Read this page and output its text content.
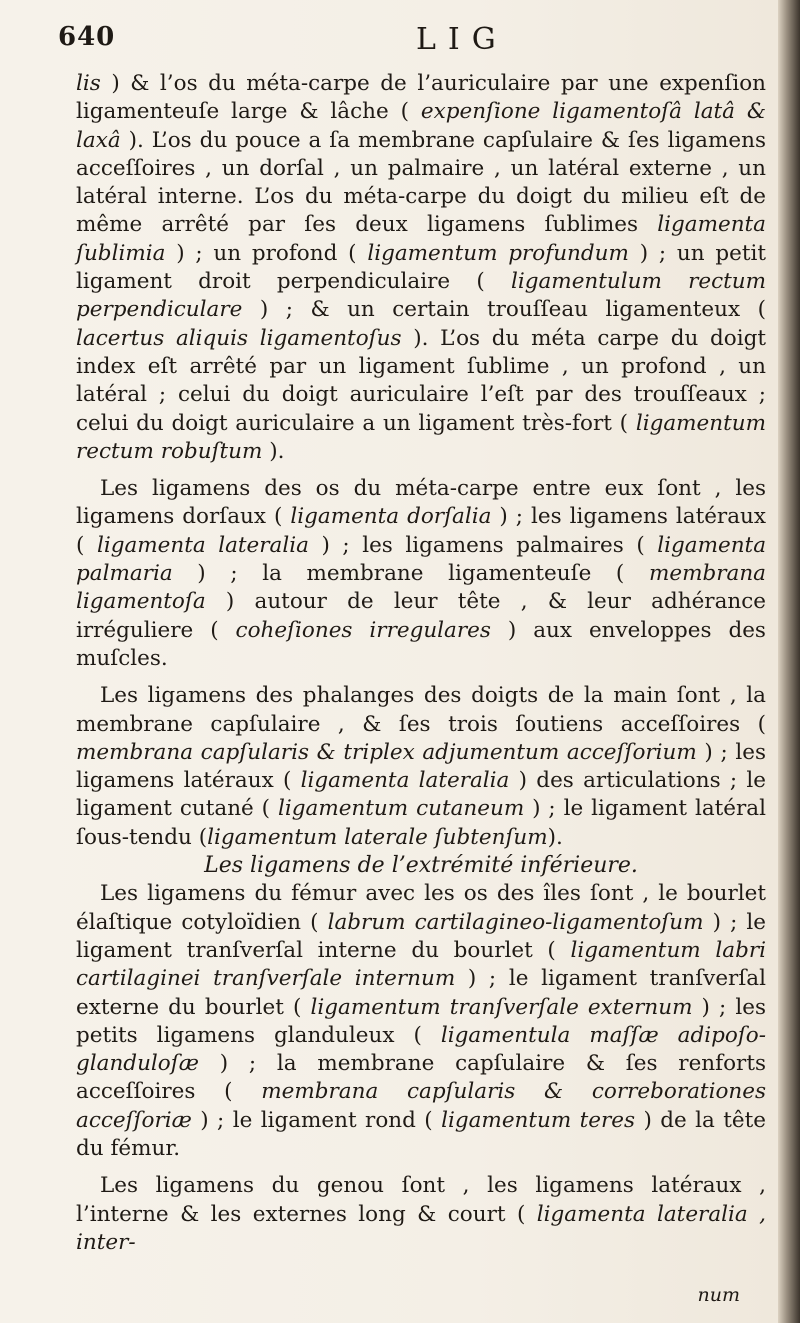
640	LIG

lis ) & l’os du méta-carpe de l’auriculaire par une expenſion ligamenteuſe large & lâche ( expenſione ligamentoſâ latâ & laxâ ). L’os du pouce a ſa membrane capſulaire & ſes ligamens acceſſoires , un dorſal , un palmaire , un latéral externe , un latéral interne. L’os du méta-carpe du doigt du milieu eſt de même arrêté par ſes deux ligamens ſublimes ligamenta ſublimia ) ; un profond ( ligamentum profundum ) ; un petit ligament droit perpendiculaire ( ligamentulum rectum perpendiculare ) ; & un certain trouſſeau ligamenteux ( lacertus aliquis ligamentoſus ). L’os du méta carpe du doigt index eſt arrêté par un ligament ſublime , un profond , un latéral ; celui du doigt auriculaire l’eſt par des trouſſeaux ; celui du doigt auriculaire a un ligament très-fort ( ligamentum rectum robuſtum ).

Les ligamens des os du méta-carpe entre eux ſont , les ligamens dorſaux ( ligamenta dorſalia ) ; les ligamens latéraux ( ligamenta lateralia ) ; les ligamens palmaires ( ligamenta palmaria ) ; la membrane ligamenteuſe ( membrana ligamentoſa ) autour de leur tête , & leur adhérance irréguliere ( coheſiones irregulares ) aux enveloppes des muſcles.

Les ligamens des phalanges des doigts de la main ſont , la membrane capſulaire , & ſes trois ſoutiens acceſſoires ( membrana capſularis & triplex adjumentum acceſſorium ) ; les ligamens latéraux ( ligamenta lateralia ) des articulations ; le ligament cutané ( ligamentum cutaneum ) ; le ligament latéral ſous-tendu (ligamentum laterale ſubtenſum).

Les ligamens de l’extrémité inférieure.

Les ligamens du fémur avec les os des îles ſont , le bourlet élaſtique cotyloïdien ( labrum cartilagineo-ligamentoſum ) ; le ligament tranſverſal interne du bourlet ( ligamentum labri cartilaginei tranſverſale internum ) ; le ligament tranſverſal externe du bourlet ( ligamentum tranſverſale externum ) ; les petits ligamens glanduleux ( ligamentula maſſæ adipoſo-glanduloſæ ) ; la membrane capſulaire & ſes renforts acceſſoires ( membrana capſularis & correborationes acceſſoriæ ) ; le ligament rond ( ligamentum teres ) de la tête du fémur.

Les ligamens du genou ſont , les ligamens latéraux , l’interne & les externes long & court ( ligamenta lateralia , inter-

num
